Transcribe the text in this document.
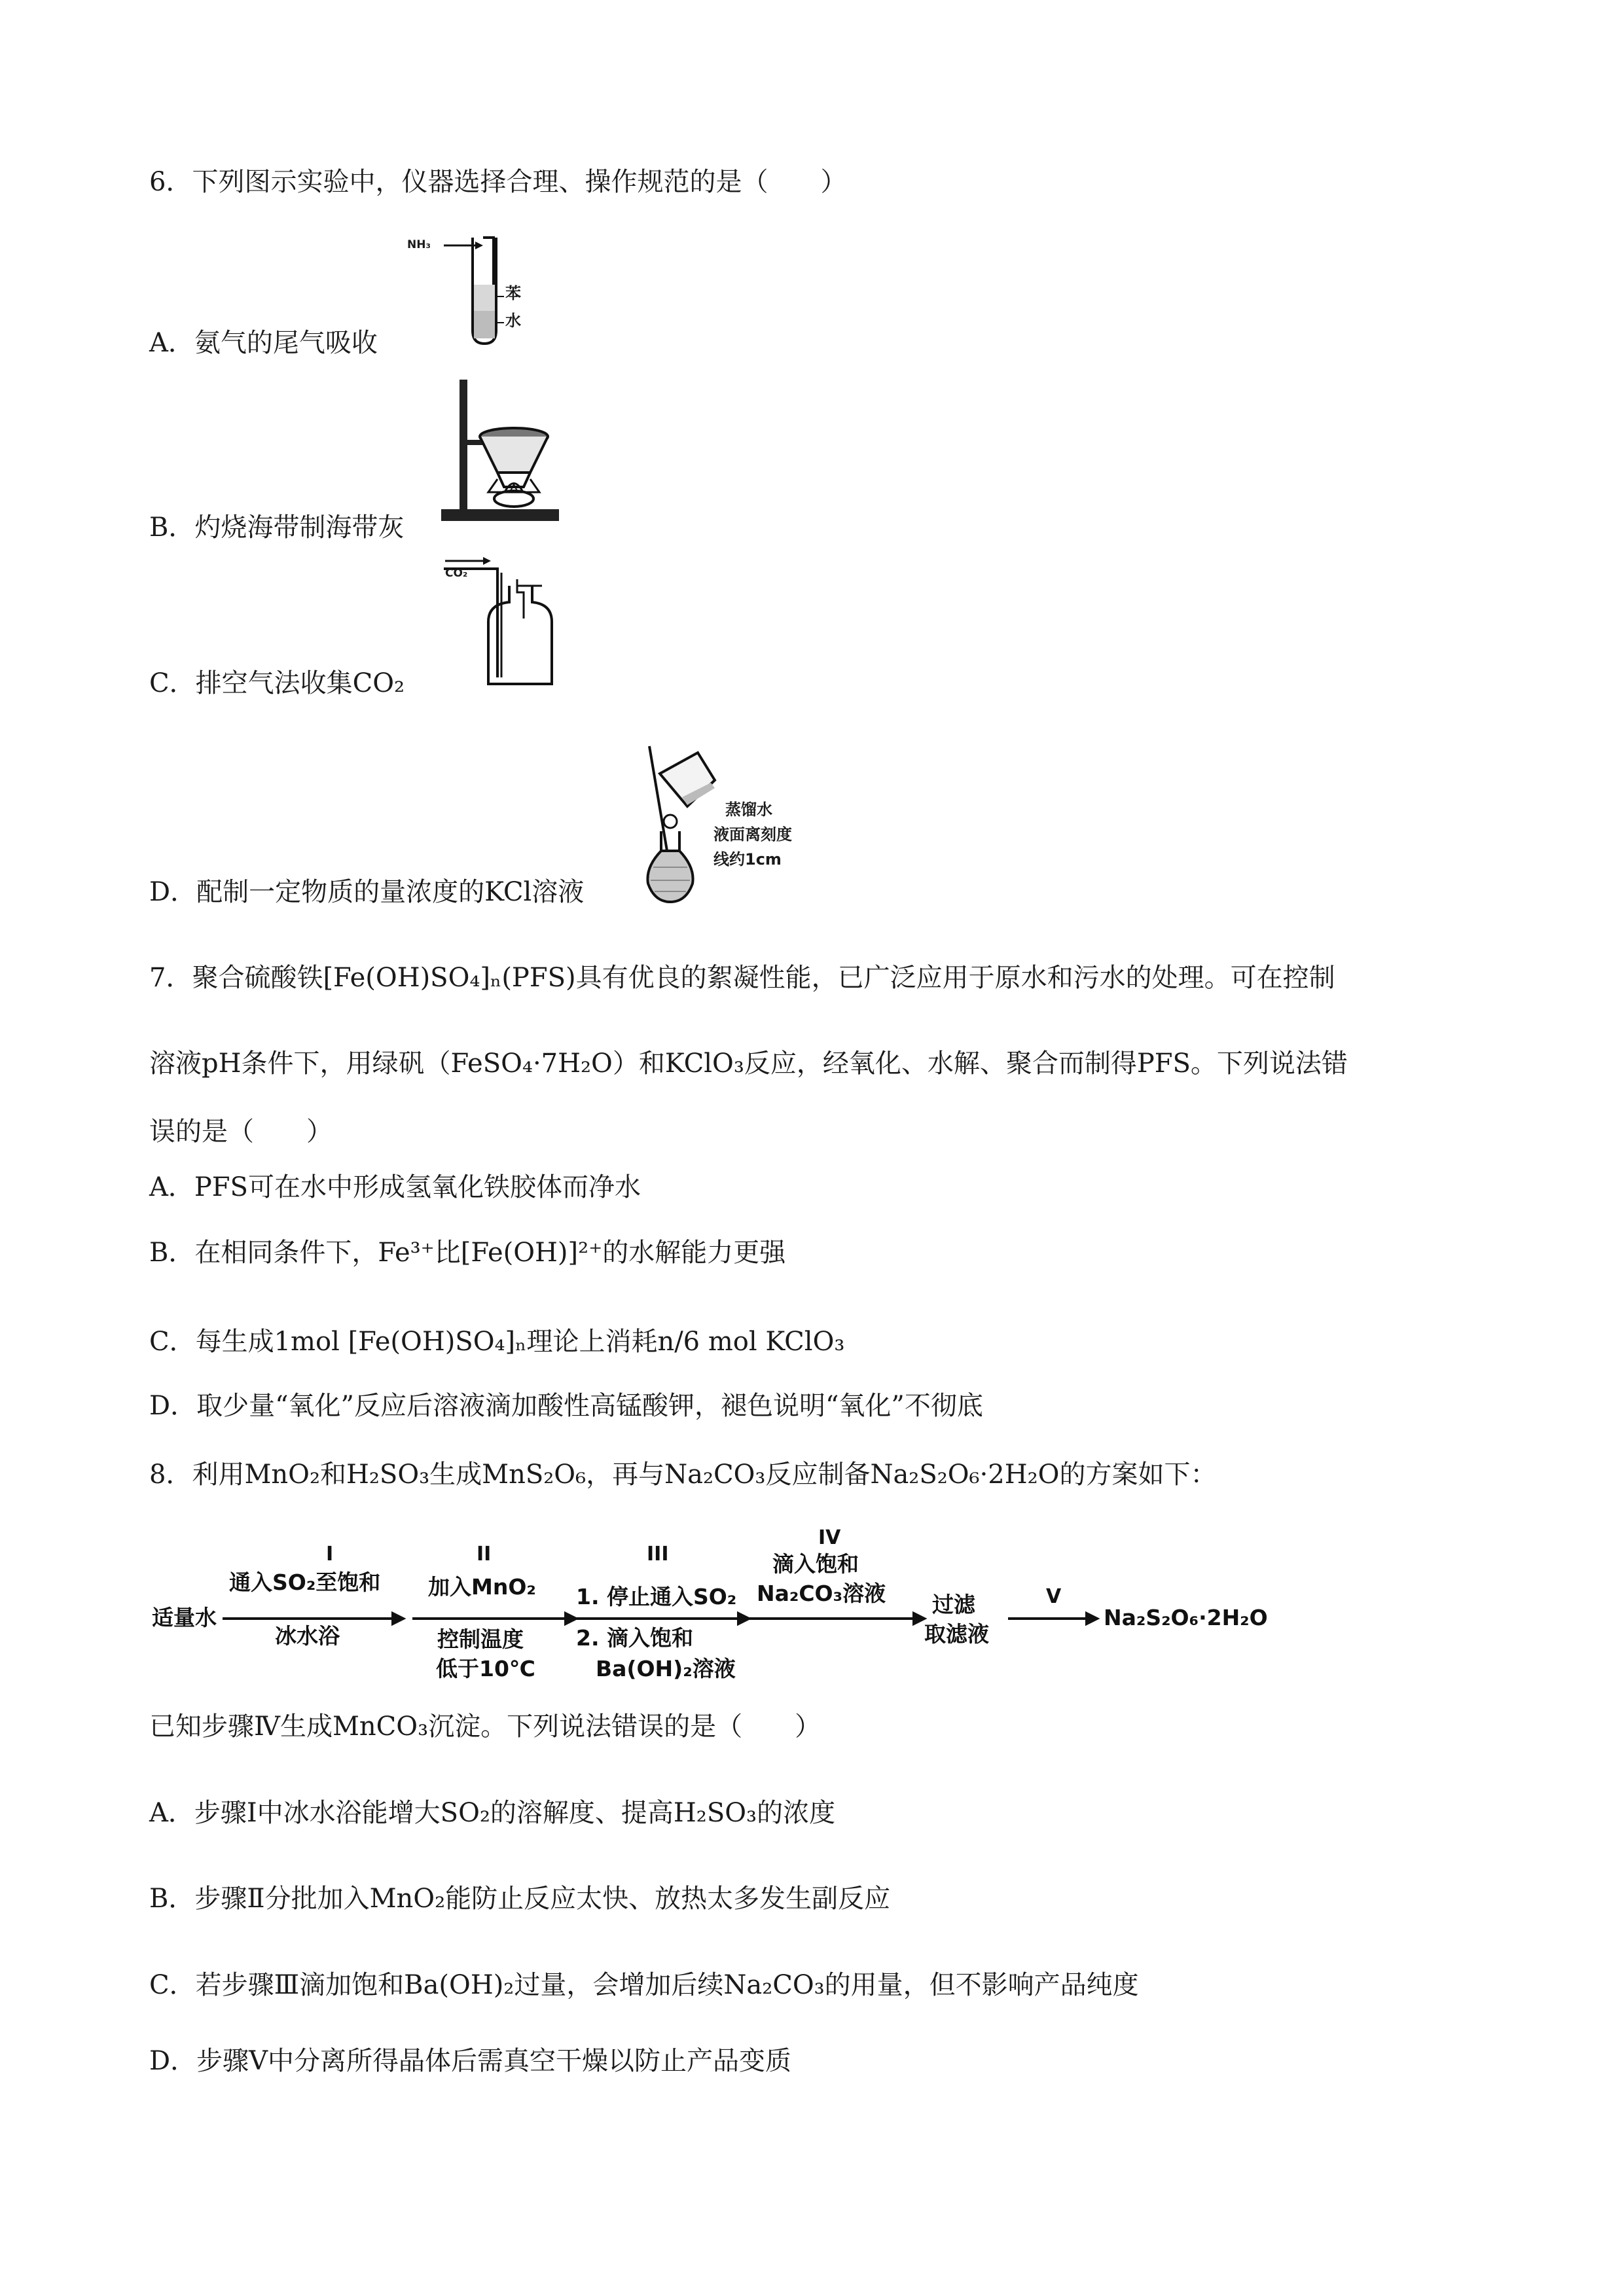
6．下列图示实验中，仪器选择合理、操作规范的是（　　）
NH₃
苯
水
A．氨气的尾气吸收
B．灼烧海带制海带灰
CO₂
C．排空气法收集CO₂
蒸馏水
液面离刻度
线约1cm
D．配制一定物质的量浓度的KCl溶液
7．聚合硫酸铁[Fe(OH)SO₄]ₙ(PFS)具有优良的絮凝性能，已广泛应用于原水和污水的处理。可在控制
溶液pH条件下，用绿矾（FeSO₄·7H₂O）和KClO₃反应，经氧化、水解、聚合而制得PFS。下列说法错
误的是（　　）
A．PFS可在水中形成氢氧化铁胶体而净水
B．在相同条件下，Fe³⁺比[Fe(OH)]²⁺的水解能力更强
C．每生成1mol [Fe(OH)SO₄]ₙ理论上消耗n/6 mol KClO₃
D．取少量“氧化”反应后溶液滴加酸性高锰酸钾，褪色说明“氧化”不彻底
8．利用MnO₂和H₂SO₃生成MnS₂O₆，再与Na₂CO₃反应制备Na₂S₂O₆·2H₂O的方案如下：
适量水
I
通入SO₂至饱和
冰水浴
II
加入MnO₂
控制温度
低于10℃
III
1. 停止通入SO₂
2. 滴入饱和
Ba(OH)₂溶液
IV
滴入饱和
Na₂CO₃溶液 过滤
取滤液
V
Na₂S₂O₆·2H₂O
已知步骤Ⅳ生成MnCO₃沉淀。下列说法错误的是（　　）
A．步骤Ⅰ中冰水浴能增大SO₂的溶解度、提高H₂SO₃的浓度
B．步骤Ⅱ分批加入MnO₂能防止反应太快、放热太多发生副反应
C．若步骤Ⅲ滴加饱和Ba(OH)₂过量，会增加后续Na₂CO₃的用量，但不影响产品纯度
D．步骤Ⅴ中分离所得晶体后需真空干燥以防止产品变质
